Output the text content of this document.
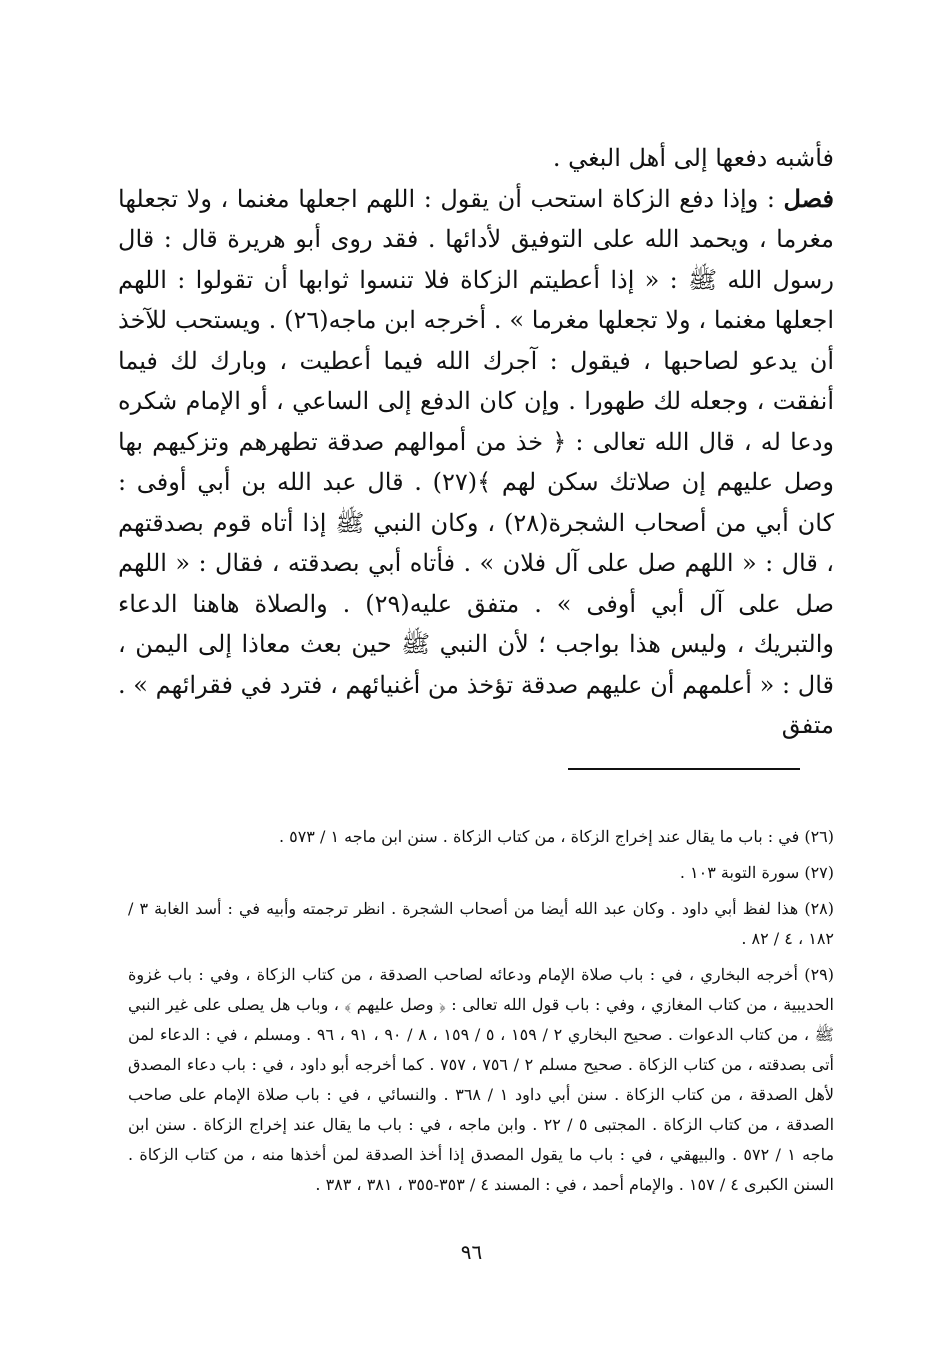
فأشبه دفعها إلى أهل البغي .

فصل : وإذا دفع الزكاة استحب أن يقول : اللهم اجعلها مغنما ، ولا تجعلها مغرما ، ويحمد الله على التوفيق لأدائها . فقد روى أبو هريرة قال : قال رسول الله ﷺ : « إذا أعطيتم الزكاة فلا تنسوا ثوابها أن تقولوا : اللهم اجعلها مغنما ، ولا تجعلها مغرما » . أخرجه ابن ماجه(٢٦) . ويستحب للآخذ أن يدعو لصاحبها ، فيقول : آجرك الله فيما أعطيت ، وبارك لك فيما أنفقت ، وجعله لك طهورا . وإن كان الدفع إلى الساعي ، أو الإمام شكره ودعا له ، قال الله تعالى : ﴿ خذ من أموالهم صدقة تطهرهم وتزكيهم بها وصل عليهم إن صلاتك سكن لهم ﴾(٢٧) . قال عبد الله بن أبي أوفى : كان أبي من أصحاب الشجرة(٢٨) ، وكان النبي ﷺ إذا أتاه قوم بصدقتهم ، قال : « اللهم صل على آل فلان » . فأتاه أبي بصدقته ، فقال : « اللهم صل على آل أبي أوفى » . متفق عليه(٢٩) . والصلاة هاهنا الدعاء والتبريك ، وليس هذا بواجب ؛ لأن النبي ﷺ حين بعث معاذا إلى اليمن ، قال : « أعلمهم أن عليهم صدقة تؤخذ من أغنيائهم ، فترد في فقرائهم » . متفق

(٢٦) في : باب ما يقال عند إخراج الزكاة ، من كتاب الزكاة . سنن ابن ماجه ١ / ٥٧٣ .

(٢٧) سورة التوبة ١٠٣ .

(٢٨) هذا لفظ أبي داود . وكان عبد الله أيضا من أصحاب الشجرة . انظر ترجمته وأبيه في : أسد الغابة ٣ / ١٨٢ ، ٤ / ٨٢ .

(٢٩) أخرجه البخاري ، في : باب صلاة الإمام ودعائه لصاحب الصدقة ، من كتاب الزكاة ، وفي : باب غزوة الحديبية ، من كتاب المغازي ، وفي : باب قول الله تعالى : ﴿ وصل عليهم ﴾ ، وباب هل يصلى على غير النبي ﷺ ، من كتاب الدعوات . صحيح البخاري ٢ / ١٥٩ ، ٥ / ١٥٩ ، ٨ / ٩٠ ، ٩١ ، ٩٦ . ومسلم ، في : الدعاء لمن أتى بصدقته ، من كتاب الزكاة . صحيح مسلم ٢ / ٧٥٦ ، ٧٥٧ . كما أخرجه أبو داود ، في : باب دعاء المصدق لأهل الصدقة ، من كتاب الزكاة . سنن أبي داود ١ / ٣٦٨ . والنسائي ، في : باب صلاة الإمام على صاحب الصدقة ، من كتاب الزكاة . المجتبى ٥ / ٢٢ . وابن ماجه ، في : باب ما يقال عند إخراج الزكاة . سنن ابن ماجه ١ / ٥٧٢ . والبيهقي ، في : باب ما يقول المصدق إذا أخذ الصدقة لمن أخذها منه ، من كتاب الزكاة . السنن الكبرى ٤ / ١٥٧ . والإمام أحمد ، في : المسند ٤ / ٣٥٣-٣٥٥ ، ٣٨١ ، ٣٨٣ .

٩٦
